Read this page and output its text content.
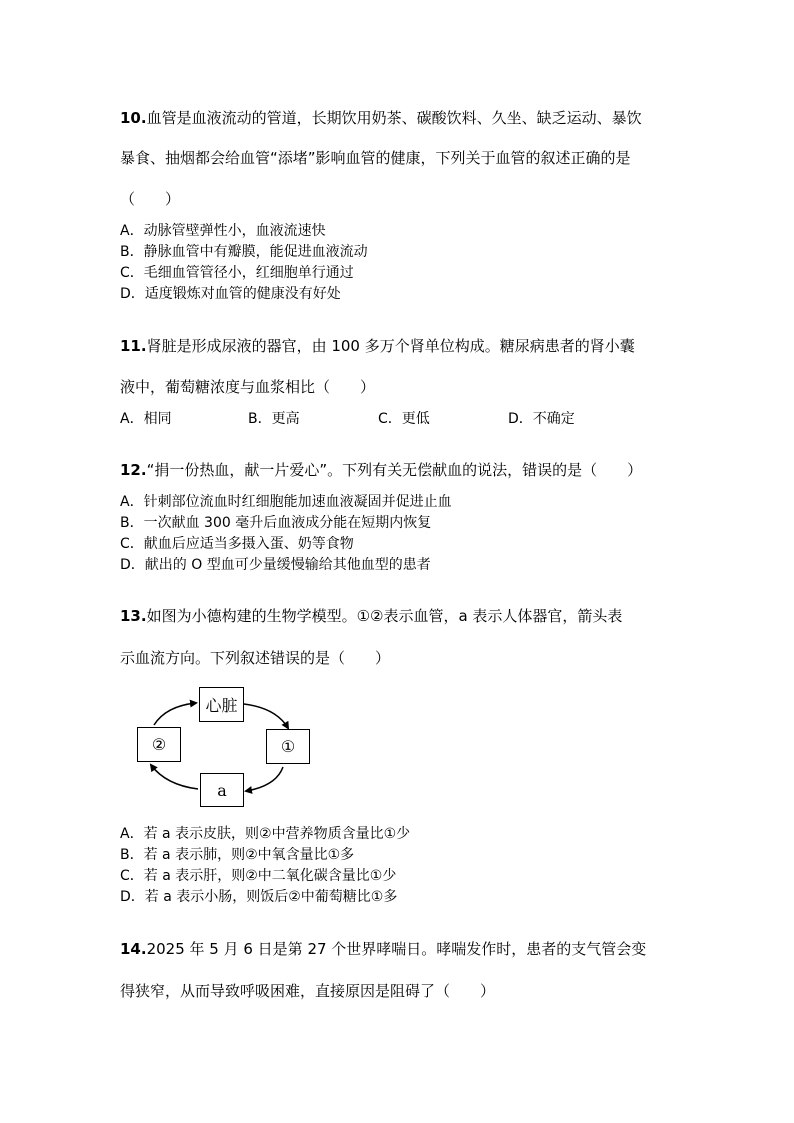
10.血管是血液流动的管道，长期饮用奶茶、碳酸饮料、久坐、缺乏运动、暴饮
暴食、抽烟都会给血管“添堵”影响血管的健康，下列关于血管的叙述正确的是
（　　）
A．动脉管壁弹性小，血液流速快
B．静脉血管中有瓣膜，能促进血液流动
C．毛细血管管径小，红细胞单行通过
D．适度锻炼对血管的健康没有好处
11.肾脏是形成尿液的器官，由 100 多万个肾单位构成。糖尿病患者的肾小囊
液中，葡萄糖浓度与血浆相比（　　）
A．相同	B．更高	C．更低	D．不确定
12.“捐一份热血，献一片爱心”。下列有关无偿献血的说法，错误的是（　　）
A．针刺部位流血时红细胞能加速血液凝固并促进止血
B．一次献血 300 毫升后血液成分能在短期内恢复
C．献血后应适当多摄入蛋、奶等食物
D．献出的 O 型血可少量缓慢输给其他血型的患者
13.如图为小德构建的生物学模型。①②表示血管，a 表示人体器官，箭头表
示血流方向。下列叙述错误的是（　　）
心脏
①
②
a
A．若 a 表示皮肤，则②中营养物质含量比①少
B．若 a 表示肺，则②中氧含量比①多
C．若 a 表示肝，则②中二氧化碳含量比①少
D．若 a 表示小肠，则饭后②中葡萄糖比①多
14.2025 年 5 月 6 日是第 27 个世界哮喘日。哮喘发作时，患者的支气管会变
得狭窄，从而导致呼吸困难，直接原因是阻碍了（　　）
